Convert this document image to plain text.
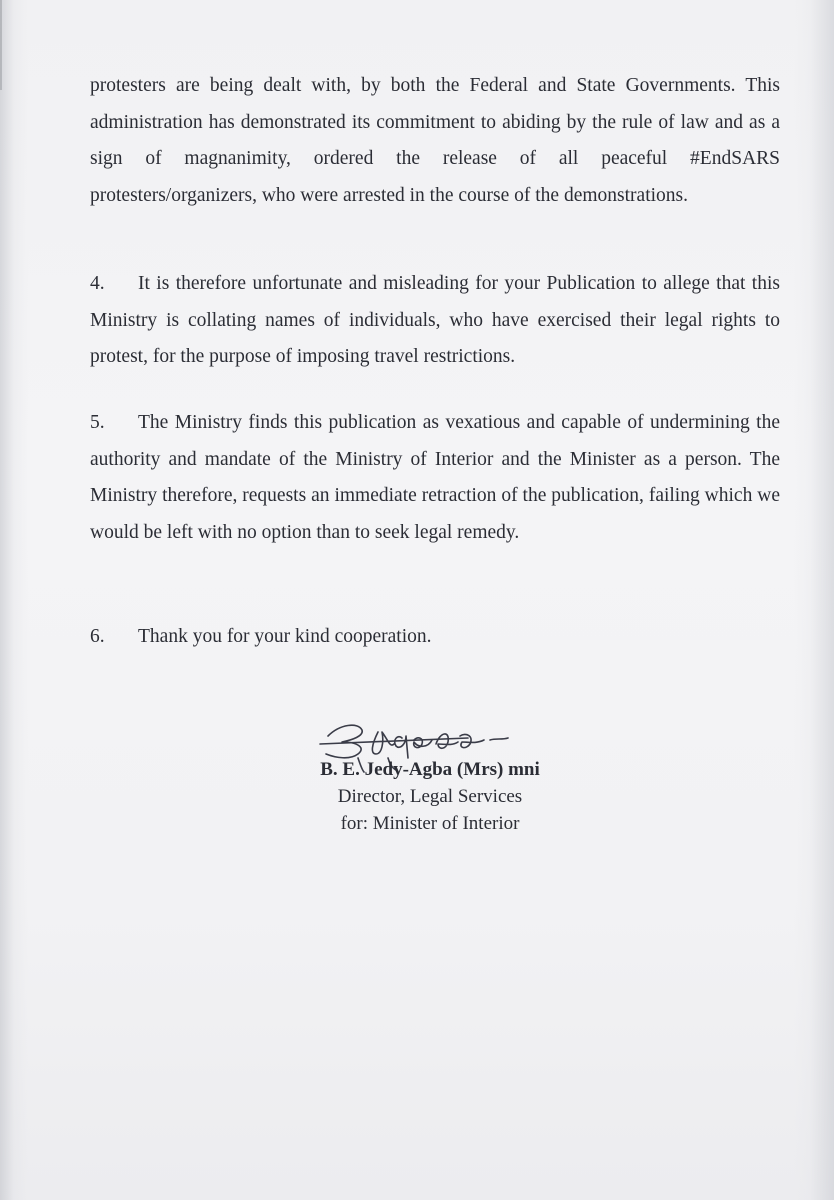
protesters are being dealt with, by both the Federal and State Governments. This administration has demonstrated its commitment to abiding by the rule of law and as a sign of magnanimity, ordered the release of all peaceful #EndSARS protesters/organizers, who were arrested in the course of the demonstrations.

4. It is therefore unfortunate and misleading for your Publication to allege that this Ministry is collating names of individuals, who have exercised their legal rights to protest, for the purpose of imposing travel restrictions.

5. The Ministry finds this publication as vexatious and capable of undermining the authority and mandate of the Ministry of Interior and the Minister as a person. The Ministry therefore, requests an immediate retraction of the publication, failing which we would be left with no option than to seek legal remedy.

6. Thank you for your kind cooperation.

B. E. Jedy-Agba (Mrs) mni
Director, Legal Services
for: Minister of Interior
